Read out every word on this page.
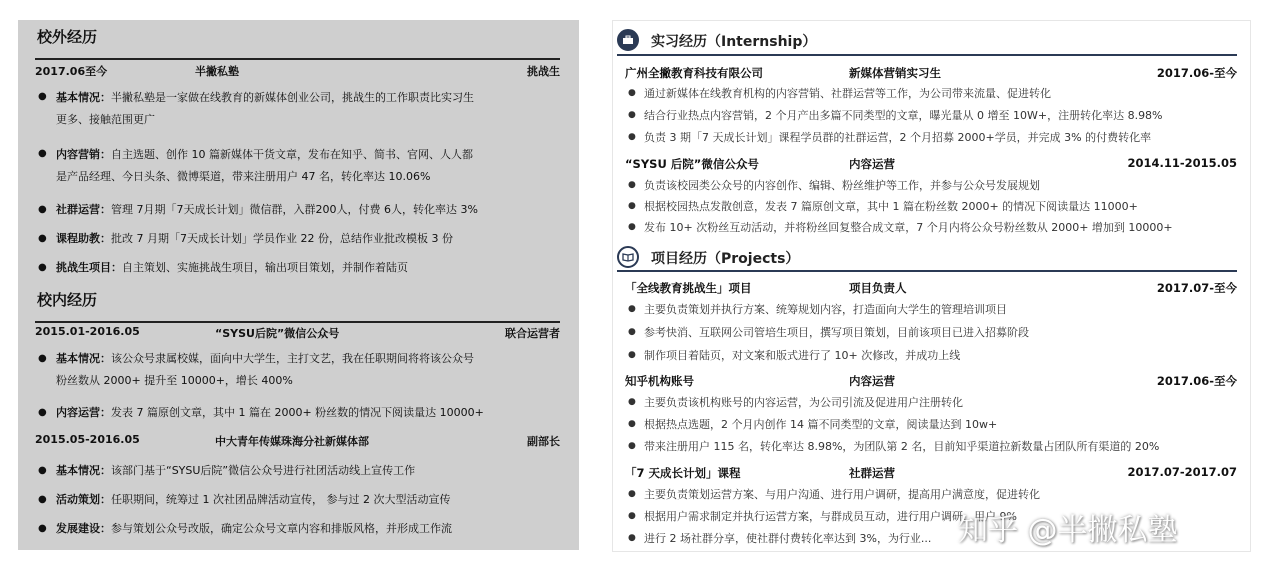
校外经历
2017.06至今	半撇私塾	挑战生
● 基本情况：半撇私塾是一家做在线教育的新媒体创业公司，挑战生的工作职责比实习生
更多、接触范围更广
● 内容营销：自主选题、创作 10 篇新媒体干货文章，发布在知乎、简书、官网、人人都
是产品经理、今日头条、微博渠道，带来注册用户 47 名，转化率达 10.06%
● 社群运营：管理 7月期「7天成长计划」微信群，入群200人，付费 6人，转化率达 3%
● 课程助教：批改 7 月期「7天成长计划」学员作业 22 份，总结作业批改模板 3 份
● 挑战生项目：自主策划、实施挑战生项目，输出项目策划，并制作着陆页
校内经历
2015.01-2016.05	“SYSU后院”微信公众号	联合运营者
● 基本情况：该公众号隶属校媒，面向中大学生，主打文艺，我在任职期间将将该公众号
粉丝数从 2000+ 提升至 10000+，增长 400%
● 内容运营：发表 7 篇原创文章，其中 1 篇在 2000+ 粉丝数的情况下阅读量达 10000+
2015.05-2016.05	中大青年传媒珠海分社新媒体部	副部长
● 基本情况：该部门基于“SYSU后院”微信公众号进行社团活动线上宣传工作
● 活动策划：任职期间，统筹过 1 次社团品牌活动宣传， 参与过 2 次大型活动宣传
● 发展建设：参与策划公众号改版，确定公众号文章内容和排版风格，并形成工作流
实习经历（Internship）
广州全撇教育科技有限公司	新媒体营销实习生	2017.06-至今
● 通过新媒体在线教育机构的内容营销、社群运营等工作，为公司带来流量、促进转化
● 结合行业热点内容营销，2 个月产出多篇不同类型的文章，曝光量从 0 增至 10W+，注册转化率达 8.98%
● 负责 3 期「7 天成长计划」课程学员群的社群运营，2 个月招募 2000+学员，并完成 3% 的付费转化率
“SYSU 后院”微信公众号	内容运营	2014.11-2015.05
● 负责该校园类公众号的内容创作、编辑、粉丝维护等工作，并参与公众号发展规划
● 根据校园热点发散创意，发表 7 篇原创文章，其中 1 篇在粉丝数 2000+ 的情况下阅读量达 11000+
● 发布 10+ 次粉丝互动活动，并将粉丝回复整合成文章，7 个月内将公众号粉丝数从 2000+ 增加到 10000+
项目经历（Projects）
「全线教育挑战生」项目	项目负责人	2017.07-至今
● 主要负责策划并执行方案、统筹规划内容，打造面向大学生的管理培训项目
● 参考快消、互联网公司管培生项目，撰写项目策划，目前该项目已进入招募阶段
● 制作项目着陆页，对文案和版式进行了 10+ 次修改，并成功上线
知乎机构账号	内容运营	2017.06-至今
● 主要负责该机构账号的内容运营，为公司引流及促进用户注册转化
● 根据热点选题，2 个月内创作 14 篇不同类型的文章，阅读量达到 10w+
● 带来注册用户 115 名，转化率达 8.98%，为团队第 2 名，目前知乎渠道拉新数量占团队所有渠道的 20%
「7 天成长计划」课程	社群运营	2017.07-2017.07
● 主要负责策划运营方案、与用户沟通、进行用户调研，提高用户满意度，促进转化
● 根据用户需求制定并执行运营方案，与群成员互动，进行用户调研，用户 9%
● 进行 2 场社群分享，使社群付费转化率达到 3%，为行业... 知乎 @半撇私塾
